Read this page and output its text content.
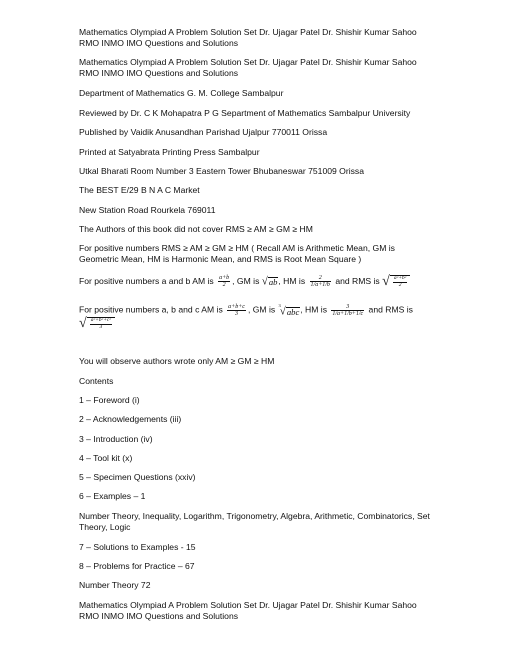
Mathematics Olympiad A Problem Solution Set Dr. Ujagar Patel Dr. Shishir Kumar Sahoo RMO INMO IMO Questions and Solutions

Mathematics Olympiad A Problem Solution Set Dr. Ujagar Patel Dr. Shishir Kumar Sahoo RMO INMO IMO Questions and Solutions

Department of Mathematics G. M. College Sambalpur

Reviewed by Dr. C K Mohapatra P G Separtment of Mathematics Sambalpur University

Published by Vaidik Anusandhan Parishad Ujalpur 770011 Orissa

Printed at Satyabrata Printing Press Sambalpur

Utkal Bharati Room Number 3 Eastern Tower Bhubaneswar 751009 Orissa

The BEST E/29 B N A C Market

New Station Road Rourkela 769011

The Authors of this book did not cover RMS ≥ AM ≥ GM ≥ HM

For positive numbers RMS ≥ AM ≥ GM ≥ HM ( Recall AM is Arithmetic Mean, GM is Geometric Mean, HM is Harmonic Mean, and RMS is Root Mean Square )

For positive numbers a and b AM is $\frac{a+b}{2}$ , GM is √ab, HM is $\frac{2}{1/a+1/b}$ and RMS is √ $\frac{\text{a²+b²}}{2}$
For positive numbers a, b and c AM is $\frac{a+b+c}{3}$ , GM is $^3$√abc, HM is $\frac{3}{1/a+1/b+1/c}$ and RMS is
√ $\frac{\text{a²+b²+c²}}{3}$

You will observe authors wrote only AM ≥ GM ≥ HM

Contents

1 – Foreword (i)

2 – Acknowledgements (iii)

3 – Introduction (iv)

4 – Tool kit (x)

5 – Specimen Questions (xxiv)

6 – Examples – 1

Number Theory, Inequality, Logarithm, Trigonometry, Algebra, Arithmetic, Combinatorics, Set Theory, Logic

7 – Solutions to Examples - 15

8 – Problems for Practice – 67

Number Theory 72

Mathematics Olympiad A Problem Solution Set Dr. Ujagar Patel Dr. Shishir Kumar Sahoo RMO INMO IMO Questions and Solutions
